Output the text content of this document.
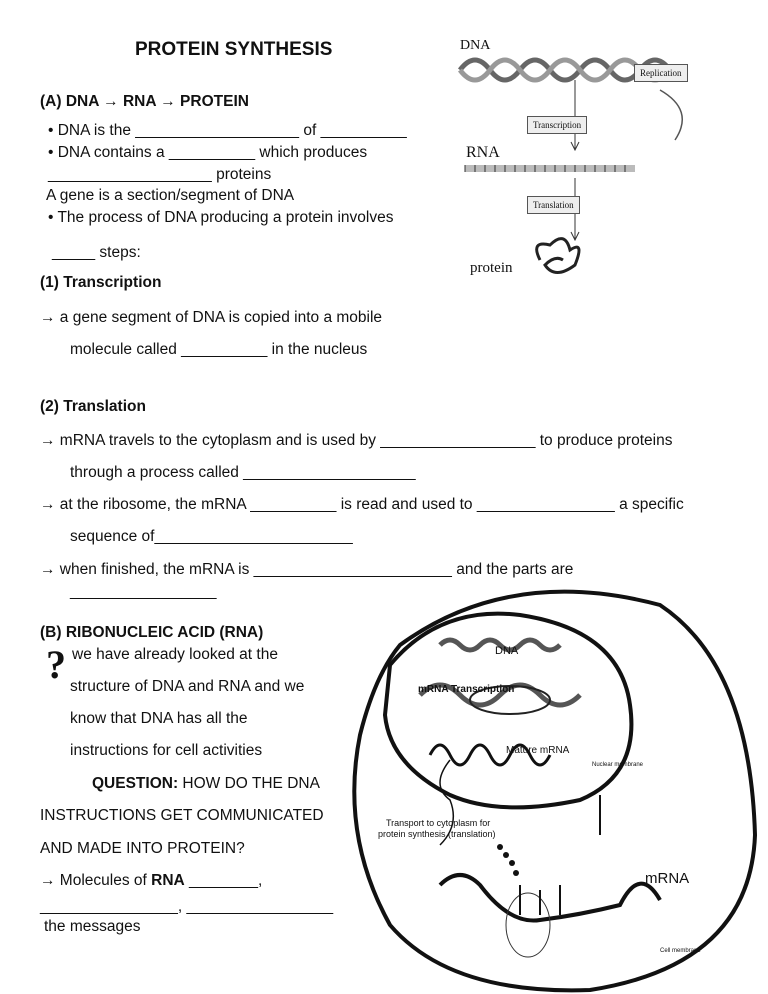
PROTEIN SYNTHESIS
(A) DNA → RNA → PROTEIN
• DNA is the ___________________ of __________
• DNA contains a __________ which produces
___________________ proteins
A gene is a section/segment of DNA
• The process of DNA producing a protein involves
_____ steps:
(1) Transcription
→ a gene segment of DNA is copied into a mobile
molecule called __________ in the nucleus
(2) Translation
→ mRNA travels to the cytoplasm and is used by __________________ to produce proteins
through a process called ____________________
→ at the ribosome, the mRNA __________ is read and used to ________________ a specific
sequence of_______________________
→ when finished, the mRNA is _______________________ and the parts are
_________________
(B) RIBONUCLEIC ACID (RNA)
? we have already looked at the
structure of DNA and RNA and we
know that DNA has all the
instructions for cell activities
QUESTION: HOW DO THE DNA
INSTRUCTIONS GET COMMUNICATED
AND MADE INTO PROTEIN?
→ Molecules of RNA ________,
________________, _________________
the messages
DNA
Replication
Transcription
RNA
Translation
protein
DNA
mRNA Transcription
Mature mRNA
Nuclear membrane
Transport to cytoplasm for
protein synthesis (translation)
mRNA
Cell membrane
